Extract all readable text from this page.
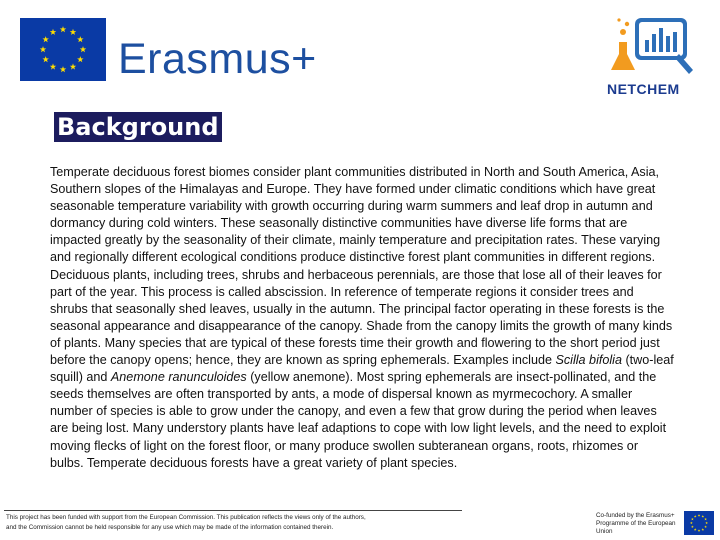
Erasmus+
NETCHEM
Background
Temperate deciduous forest biomes consider plant communities distributed in North and South America, Asia, Southern slopes of the Himalayas and Europe. They have formed under climatic conditions which have great seasonable temperature variability with growth occurring during warm summers and leaf drop in autumn and dormancy during cold winters. These seasonally distinctive communities have diverse life forms that are impacted greatly by the seasonality of their climate, mainly temperature and precipitation rates. These varying and regionally different ecological conditions produce distinctive forest plant communities in different regions. Deciduous plants, including trees, shrubs and herbaceous perennials, are those that lose all of their leaves for part of the year. This process is called abscission. In reference of temperate regions it consider trees and shrubs that seasonally shed leaves, usually in the autumn. The principal factor operating in these forests is the seasonal appearance and disappearance of the canopy. Shade from the canopy limits the growth of many kinds of plants. Many species that are typical of these forests time their growth and flowering to the short period just before the canopy opens; hence, they are known as spring ephemerals. Examples include Scilla bifolia (two-leaf squill) and Anemone ranunculoides (yellow anemone). Most spring ephemerals are insect-pollinated, and the seeds themselves are often transported by ants, a mode of dispersal known as myrmecochory. A smaller number of species is able to grow under the canopy, and even a few that grow during the period when leaves are being lost. Many understory plants have leaf adaptions to cope with low light levels, and the need to exploit moving flecks of light on the forest floor, or many produce swollen subteranean organs, roots, rhizomes or bulbs. Temperate deciduous forests have a great variety of plant species.
This project has been funded with support from the European Commission. This publication reflects the views only of the authors,
and the Commission cannot be held responsible for any use which may be made of the information contained therein.
Co-funded by the Erasmus+ Programme of the European Union
